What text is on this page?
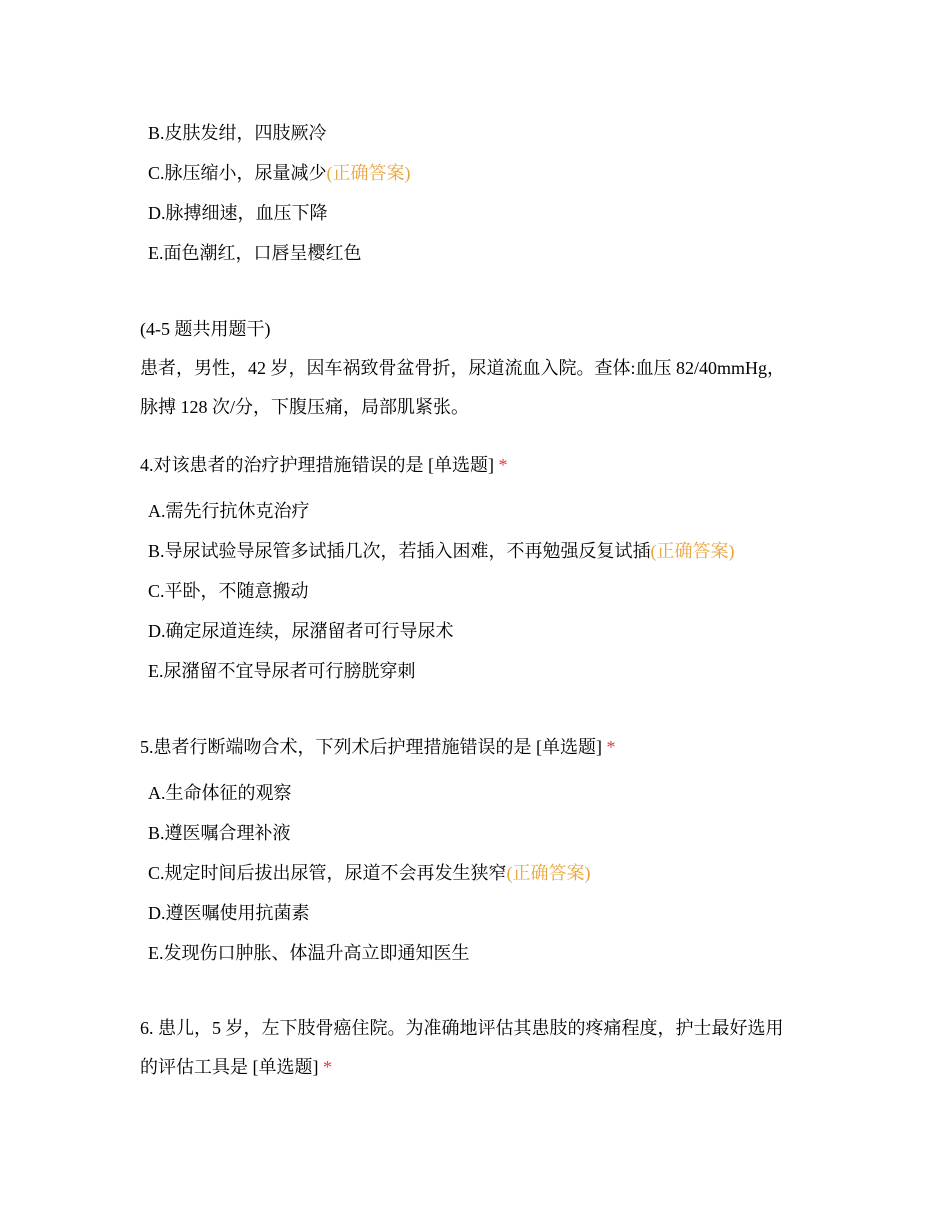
B.皮肤发绀，四肢厥冷
C.脉压缩小，尿量减少(正确答案)
D.脉搏细速，血压下降
E.面色潮红，口唇呈樱红色
(4-5 题共用题干)
患者，男性，42 岁，因车祸致骨盆骨折，尿道流血入院。查体:血压 82/40mmHg，
脉搏 128 次/分，下腹压痛，局部肌紧张。
4.对该患者的治疗护理措施错误的是 [单选题] *
A.需先行抗休克治疗
B.导尿试验导尿管多试插几次，若插入困难，不再勉强反复试插(正确答案)
C.平卧，不随意搬动
D.确定尿道连续，尿潴留者可行导尿术
E.尿潴留不宜导尿者可行膀胱穿刺
5.患者行断端吻合术，下列术后护理措施错误的是 [单选题] *
A.生命体征的观察
B.遵医嘱合理补液
C.规定时间后拔出尿管，尿道不会再发生狭窄(正确答案)
D.遵医嘱使用抗菌素
E.发现伤口肿胀、体温升高立即通知医生
6. 患儿，5 岁，左下肢骨癌住院。为准确地评估其患肢的疼痛程度，护士最好选用
的评估工具是 [单选题] *
